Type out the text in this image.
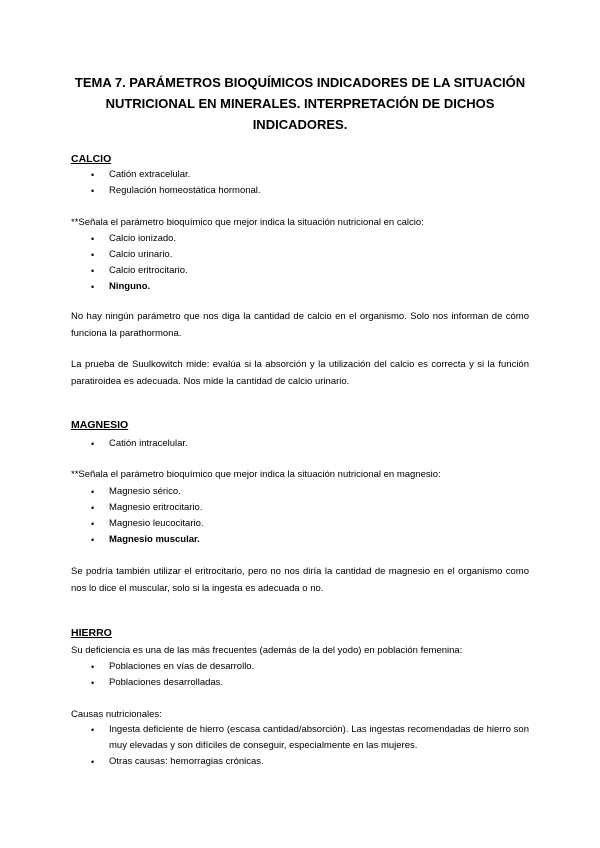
TEMA 7. PARÁMETROS BIOQUÍMICOS INDICADORES DE LA SITUACIÓN NUTRICIONAL EN MINERALES. INTERPRETACIÓN DE DICHOS INDICADORES.
CALCIO
• Catión extracelular.
• Regulación homeostática hormonal.
**Señala el parámetro bioquímico que mejor indica la situación nutricional en calcio:
• Calcio ionizado.
• Calcio urinario.
• Calcio eritrocitario.
• Ninguno.
No hay ningún parámetro que nos diga la cantidad de calcio en el organismo. Solo nos informan de cómo funciona la parathormona.
La prueba de Suulkowitch mide: evalúa si la absorción y la utilización del calcio es correcta y si la función paratiroidea es adecuada. Nos mide la cantidad de calcio urinario.
MAGNESIO
• Catión intracelular.
**Señala el parámetro bioquímico que mejor indica la situación nutricional en magnesio:
• Magnesio sérico.
• Magnesio eritrocitario.
• Magnesio leucocitario.
• Magnesio muscular.
Se podría también utilizar el eritrocitario, pero no nos diría la cantidad de magnesio en el organismo como nos lo dice el muscular, solo si la ingesta es adecuada o no.
HIERRO
Su deficiencia es una de las más frecuentes (además de la del yodo) en población femenina:
• Poblaciones en vías de desarrollo.
• Poblaciones desarrolladas.
Causas nutricionales:
• Ingesta deficiente de hierro (escasa cantidad/absorción). Las ingestas recomendadas de hierro son muy elevadas y son difíciles de conseguir, especialmente en las mujeres.
• Otras causas: hemorragias crónicas.
